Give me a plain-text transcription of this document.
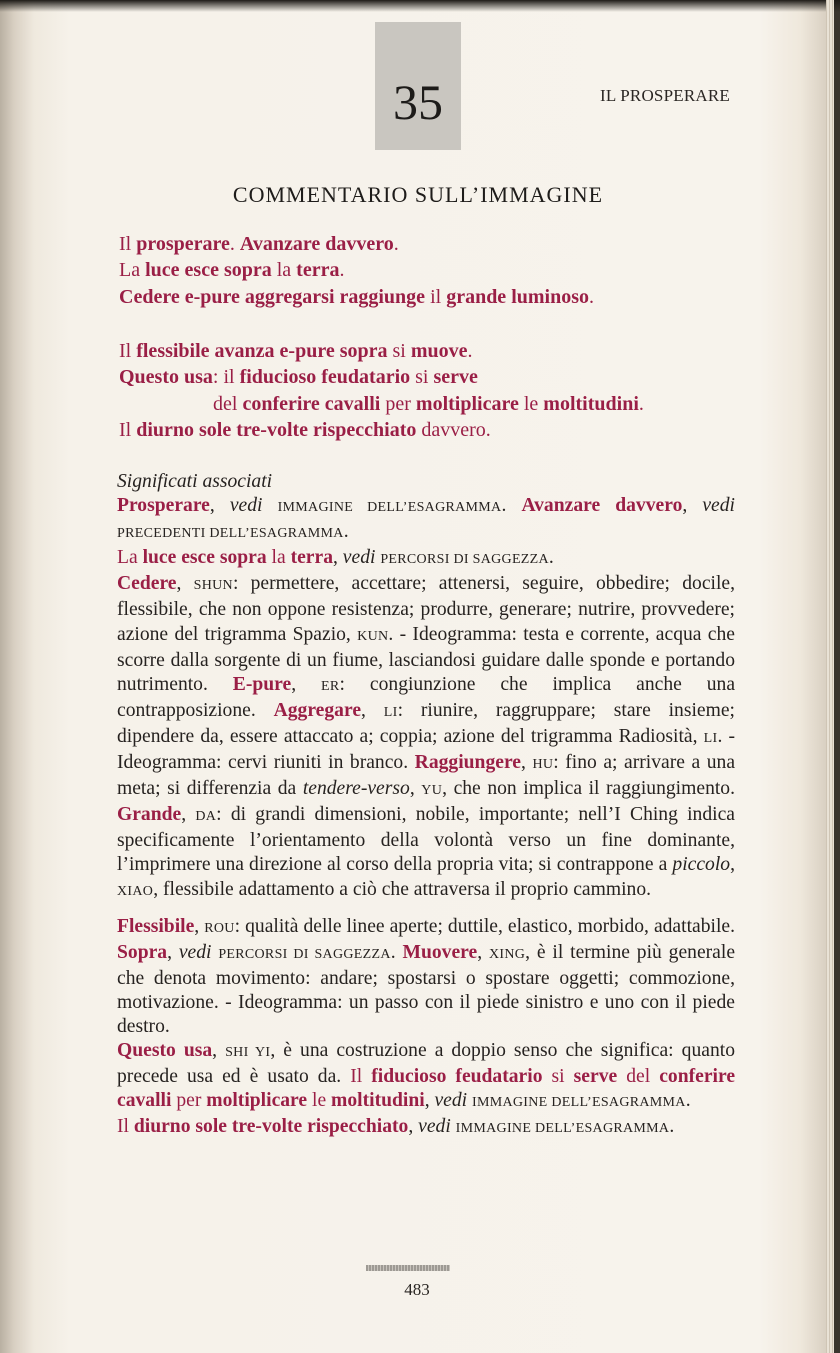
35	IL PROSPERARE
COMMENTARIO SULL’IMMAGINE
Il prosperare. Avanzare davvero.
La luce esce sopra la terra.
Cedere e-pure aggregarsi raggiunge il grande luminoso.
Il flessibile avanza e-pure sopra si muove.
Questo usa: il fiducioso feudatario si serve
del conferire cavalli per moltiplicare le moltitudini.
Il diurno sole tre-volte rispecchiato davvero.

Significati associati

Prosperare, vedi IMMAGINE DELL’ESAGRAMMA. Avanzare davvero, vedi PRECEDENTI DELL’ESAGRAMMA.

La luce esce sopra la terra, vedi PERCORSI DI SAGGEZZA.

Cedere, SHUN: permettere, accettare; attenersi, seguire, obbedire; docile, flessibile, che non oppone resistenza; produrre, generare; nutrire, provvedere; azione del trigramma Spazio, KUN. - Ideogramma: testa e corrente, acqua che scorre dalla sorgente di un fiume, lasciandosi guidare dalle sponde e portando nutrimento. E-pure, ER: congiunzione che implica anche una contrapposizione. Aggregare, LI: riunire, raggruppare; stare insieme; dipendere da, essere attaccato a; coppia; azione del trigramma Radiosità, LI. - Ideogramma: cervi riuniti in branco. Raggiungere, HU: fino a; arrivare a una meta; si differenzia da tendere-verso, YU, che non implica il raggiungimento. Grande, DA: di grandi dimensioni, nobile, importante; nell’I Ching indica specificamente l’orientamento della volontà verso un fine dominante, l’imprimere una direzione al corso della propria vita; si contrappone a piccolo, XIAO, flessibile adattamento a ciò che attraversa il proprio cammino.

Flessibile, ROU: qualità delle linee aperte; duttile, elastico, morbido, adattabile. Sopra, vedi PERCORSI DI SAGGEZZA. Muovere, XING, è il termine più generale che denota movimento: andare; spostarsi o spostare oggetti; commozione, motivazione. - Ideogramma: un passo con il piede sinistro e uno con il piede destro.

Questo usa, SHI YI, è una costruzione a doppio senso che significa: quanto precede usa ed è usato da. Il fiducioso feudatario si serve del conferire cavalli per moltiplicare le moltitudini, vedi IMMAGINE DELL’ESAGRAMMA.

Il diurno sole tre-volte rispecchiato, vedi IMMAGINE DELL’ESAGRAMMA.

483
